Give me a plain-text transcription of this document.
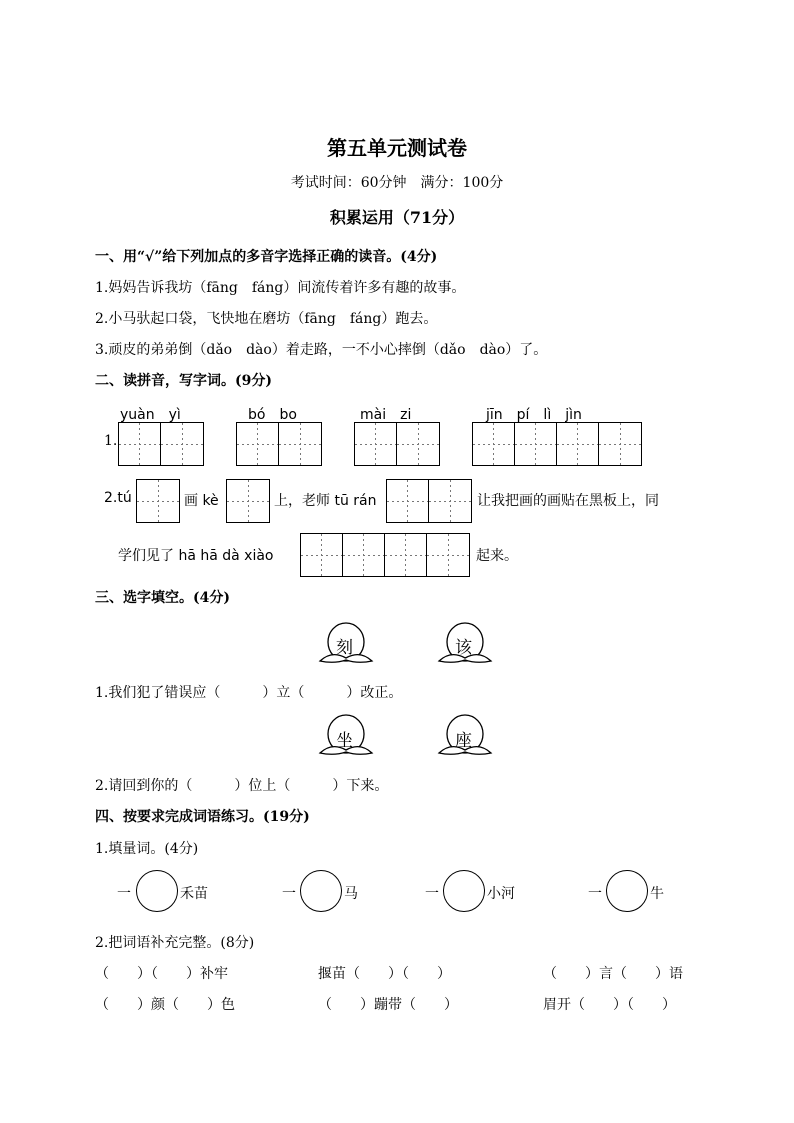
第五单元测试卷
考试时间：60分钟　满分：100分
积累运用（71分）
一、用“√”给下列加点的多音字选择正确的读音。(4分)
1.妈妈告诉我坊（fāng　fáng）间流传着许多有趣的故事。
2.小马驮起口袋，飞快地在磨坊（fāng　fáng）跑去。
3.顽皮的弟弟倒（dǎo　dào）着走路，一不小心摔倒（dǎo　dào）了。
二、读拼音，写字词。(9分)
yuàn　yì	bó　bo	mài　zi	jīn　pí　lì　jìn
1.
2.tú	画 kè	上，老师 tū rán	让我把画的画贴在黑板上，同
学们见了 hā hā dà xiào	起来。
三、选字填空。(4分)
刻	该
1.我们犯了错误应（　　　）立（　　　）改正。
坐	座
2.请回到你的（　　　）位上（　　　）下来。
四、按要求完成词语练习。(19分)
1.填量词。(4分)
一	禾苗	一	马	一	小河	一	牛
2.把词语补充完整。(8分)
（　　）（　　）补牢	揠苗（　　）（　　）	（　　）言（　　）语
（　　）颜（　　）色	（　　）蹦带（　　）	眉开（　　）（　　）
